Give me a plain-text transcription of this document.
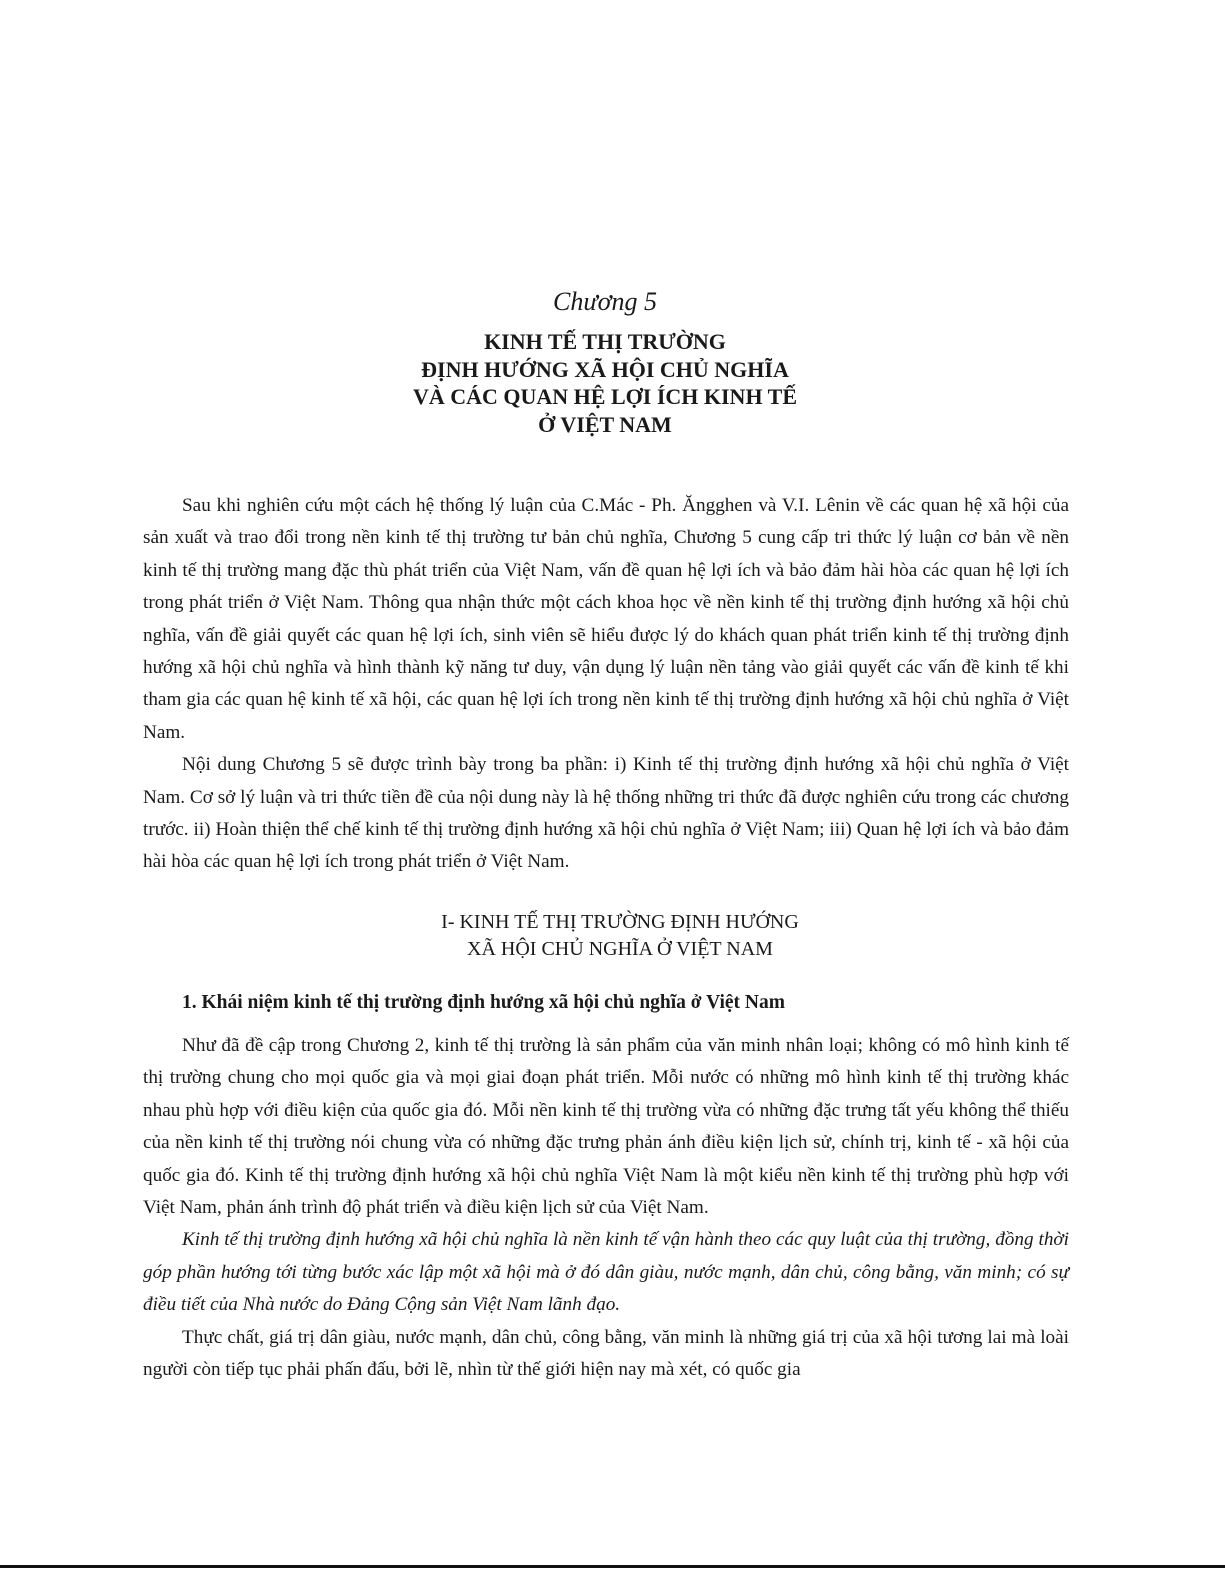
Chương 5
KINH TẾ THỊ TRƯỜNG
ĐỊNH HƯỚNG XÃ HỘI CHỦ NGHĨA
VÀ CÁC QUAN HỆ LỢI ÍCH KINH TẾ
Ở VIỆT NAM

Sau khi nghiên cứu một cách hệ thống lý luận của C.Mác - Ph. Ăngghen và V.I. Lênin về các quan hệ xã hội của sản xuất và trao đổi trong nền kinh tế thị trường tư bản chủ nghĩa, Chương 5 cung cấp tri thức lý luận cơ bản về nền kinh tế thị trường mang đặc thù phát triển của Việt Nam, vấn đề quan hệ lợi ích và bảo đảm hài hòa các quan hệ lợi ích trong phát triển ở Việt Nam. Thông qua nhận thức một cách khoa học về nền kinh tế thị trường định hướng xã hội chủ nghĩa, vấn đề giải quyết các quan hệ lợi ích, sinh viên sẽ hiểu được lý do khách quan phát triển kinh tế thị trường định hướng xã hội chủ nghĩa và hình thành kỹ năng tư duy, vận dụng lý luận nền tảng vào giải quyết các vấn đề kinh tế khi tham gia các quan hệ kinh tế xã hội, các quan hệ lợi ích trong nền kinh tế thị trường định hướng xã hội chủ nghĩa ở Việt Nam.

Nội dung Chương 5 sẽ được trình bày trong ba phần: i) Kinh tế thị trường định hướng xã hội chủ nghĩa ở Việt Nam. Cơ sở lý luận và tri thức tiền đề của nội dung này là hệ thống những tri thức đã được nghiên cứu trong các chương trước. ii) Hoàn thiện thể chế kinh tế thị trường định hướng xã hội chủ nghĩa ở Việt Nam; iii) Quan hệ lợi ích và bảo đảm hài hòa các quan hệ lợi ích trong phát triển ở Việt Nam.

I- KINH TẾ THỊ TRƯỜNG ĐỊNH HƯỚNG
XÃ HỘI CHỦ NGHĨA Ở VIỆT NAM
1. Khái niệm kinh tế thị trường định hướng xã hội chủ nghĩa ở Việt Nam

Như đã đề cập trong Chương 2, kinh tế thị trường là sản phẩm của văn minh nhân loại; không có mô hình kinh tế thị trường chung cho mọi quốc gia và mọi giai đoạn phát triển. Mỗi nước có những mô hình kinh tế thị trường khác nhau phù hợp với điều kiện của quốc gia đó. Mỗi nền kinh tế thị trường vừa có những đặc trưng tất yếu không thể thiếu của nền kinh tế thị trường nói chung vừa có những đặc trưng phản ánh điều kiện lịch sử, chính trị, kinh tế - xã hội của quốc gia đó. Kinh tế thị trường định hướng xã hội chủ nghĩa Việt Nam là một kiểu nền kinh tế thị trường phù hợp với Việt Nam, phản ánh trình độ phát triển và điều kiện lịch sử của Việt Nam.

Kinh tế thị trường định hướng xã hội chủ nghĩa là nền kinh tế vận hành theo các quy luật của thị trường, đồng thời góp phần hướng tới từng bước xác lập một xã hội mà ở đó dân giàu, nước mạnh, dân chủ, công bằng, văn minh; có sự điều tiết của Nhà nước do Đảng Cộng sản Việt Nam lãnh đạo.

Thực chất, giá trị dân giàu, nước mạnh, dân chủ, công bằng, văn minh là những giá trị của xã hội tương lai mà loài người còn tiếp tục phải phấn đấu, bởi lẽ, nhìn từ thế giới hiện nay mà xét, có quốc gia
